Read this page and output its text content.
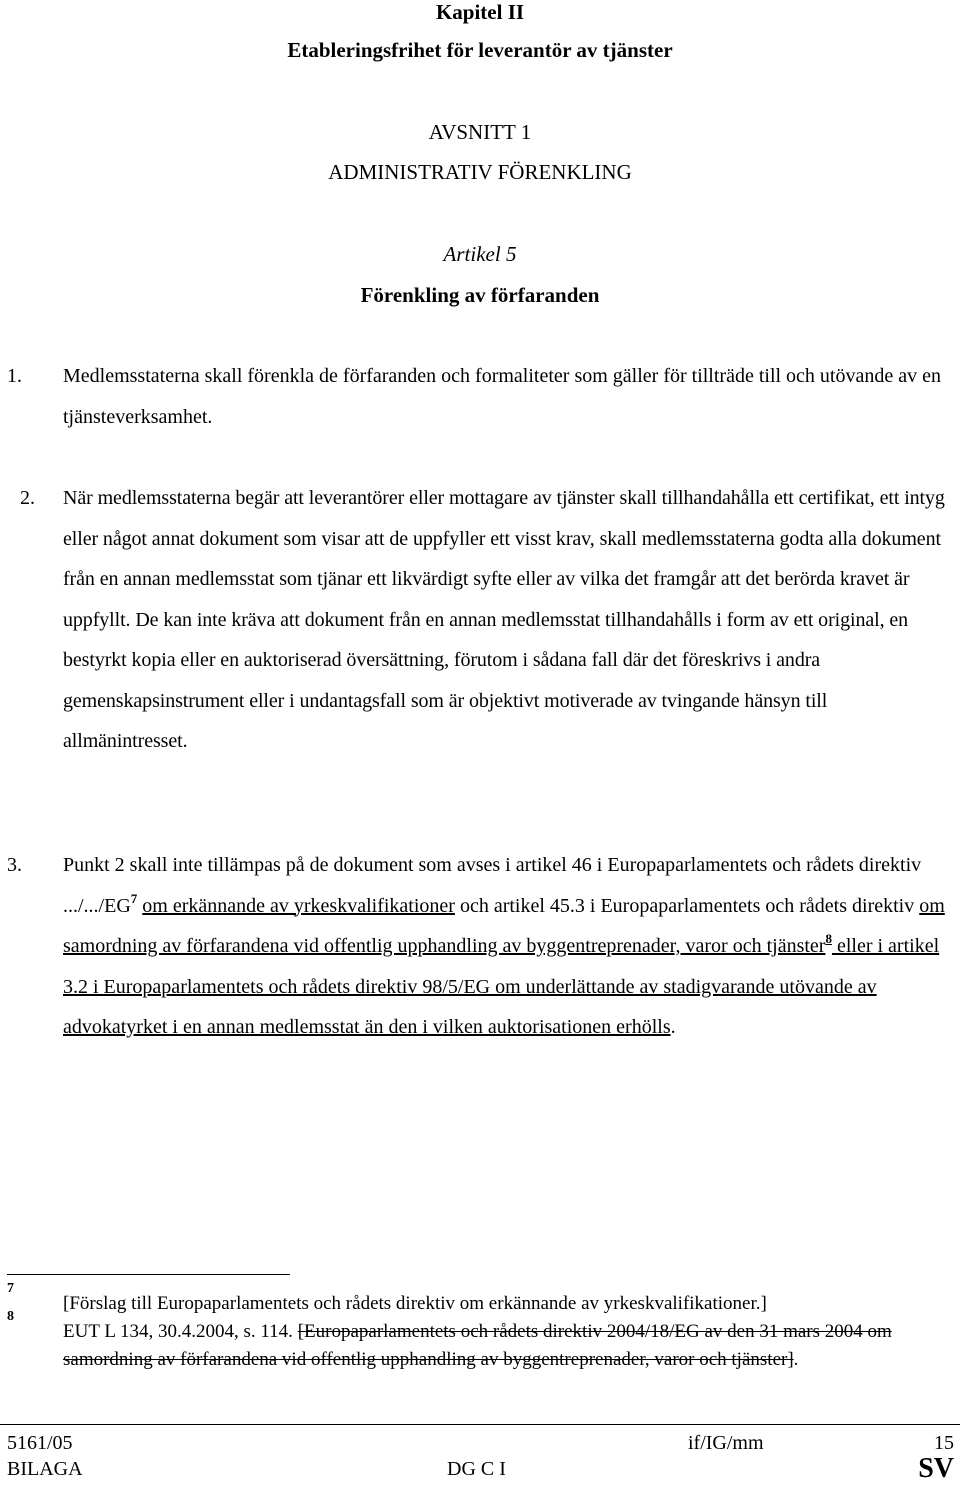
Kapitel II
Etableringsfrihet för leverantör av tjänster
AVSNITT 1
ADMINISTRATIV FÖRENKLING
Artikel 5
Förenkling av förfaranden
1. Medlemsstaterna skall förenkla de förfaranden och formaliteter som gäller för tillträde till och utövande av en tjänsteverksamhet.
2. När medlemsstaterna begär att leverantörer eller mottagare av tjänster skall tillhandahålla ett certifikat, ett intyg eller något annat dokument som visar att de uppfyller ett visst krav, skall medlemsstaterna godta alla dokument från en annan medlemsstat som tjänar ett likvärdigt syfte eller av vilka det framgår att det berörda kravet är uppfyllt. De kan inte kräva att dokument från en annan medlemsstat tillhandahålls i form av ett original, en bestyrkt kopia eller en auktoriserad översättning, förutom i sådana fall där det föreskrivs i andra gemenskapsinstrument eller i undantagsfall som är objektivt motiverade av tvingande hänsyn till allmänintresset.
3. Punkt 2 skall inte tillämpas på de dokument som avses i artikel 46 i Europaparlamentets och rådets direktiv $.../.../EG^7$ om erkännande av yrkeskvalifikationer och artikel 45.3 i Europaparlamentets och rådets direktiv om samordning av förfarandena vid offentlig upphandling av byggentreprenader, varor och tjänster$^8$ eller i artikel 3.2 i Europaparlamentets och rådets direktiv 98/5/EG om underlättande av stadigvarande utövande av advokatyrket i en annan medlemsstat än den i vilken auktorisationen erhölls.
7
8
[Förslag till Europaparlamentets och rådets direktiv om erkännande av yrkeskvalifikationer.]
EUT L 134, 30.4.2004, s. 114. [Europaparlamentets och rådets direktiv 2004/18/EG av den 31 mars 2004 om samordning av förfarandena vid offentlig upphandling av byggentreprenader, varor och tjänster].
5161/05	if/IG/mm	15
BILAGA	DG C I	SV
